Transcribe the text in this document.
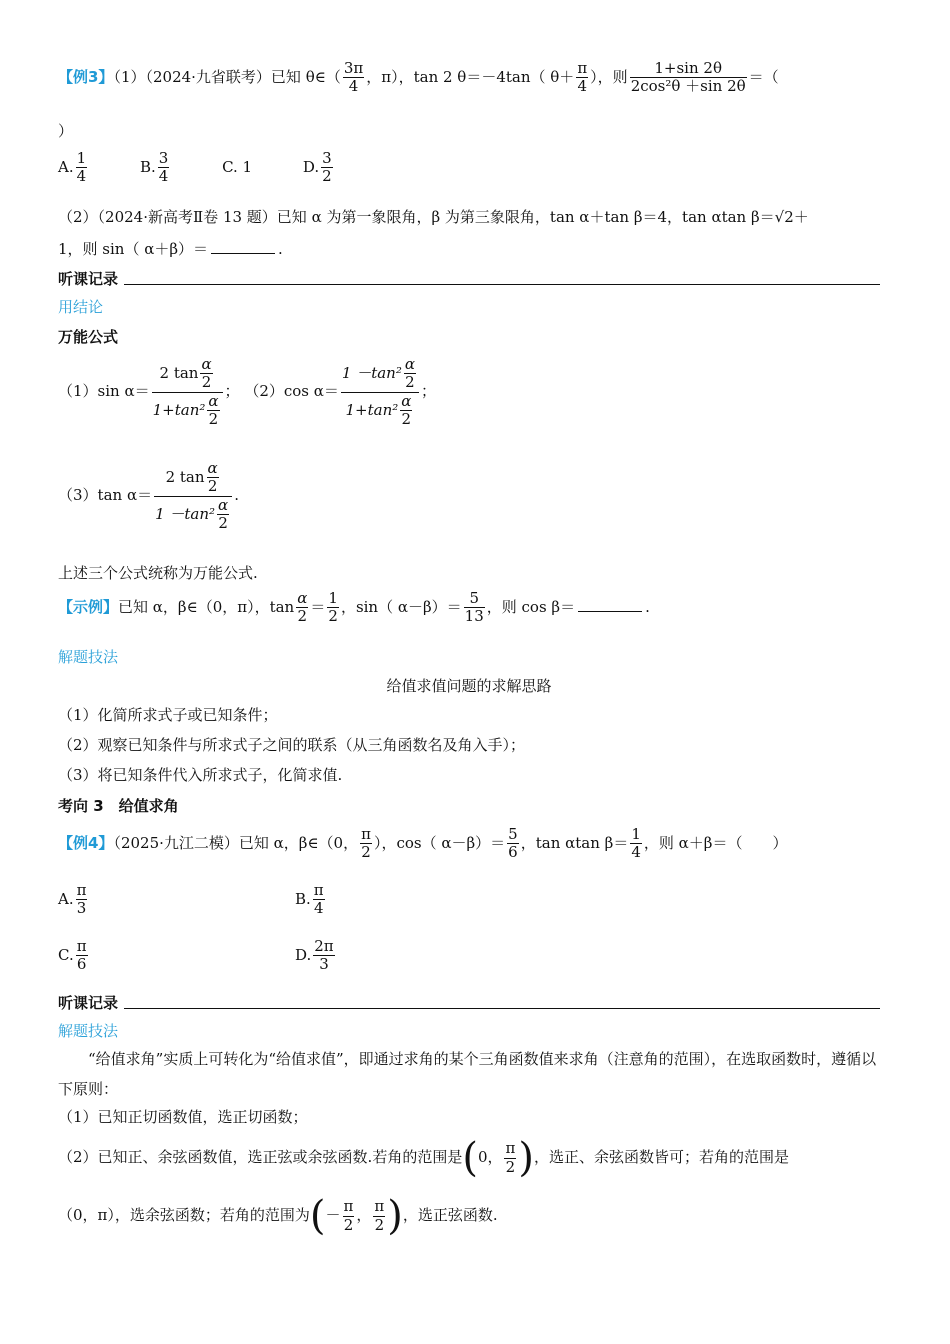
【例3】（1）（2024·九省联考）已知 θ∈（ $\frac{3\pi}{4}$ ，π），tan 2 θ＝－4tan（ $\theta+ \frac{\pi}{4}$ ），则 $\frac{1+\sin 2\theta}{\text{2cos²θ ＋sin 2θ}}$ ＝（
）
A. $\frac{1}{4}$	B. $\frac{3}{4}$	C. 1	D. $\frac{3}{2}$
（2）（2024·新高考Ⅱ卷 13 题）已知 α 为第一象限角，β 为第三象限角，tan α＋tan β＝4，tan αtan β＝√2＋
1，则 sin（ α＋β）＝	.
听课记录
用结论
万能公式
（1）sin $\alpha= \frac{2 \tan \frac{\alpha}{2}}{1+\tan^2 \frac{\alpha}{2}}$ ； （2）cos $\alpha= \frac{1 -\tan^2 \frac{\alpha}{2}}{1+\tan^2 \frac{\alpha}{2}}$ ；
（3）tan $\alpha= \frac{2 \tan \frac{\alpha}{2}}{1 -\tan^2 \frac{\alpha}{2}}$ .
上述三个公式统称为万能公式.
【示例】已知 α，β∈（0，π），$\tan \frac{\alpha}{2} = \frac{1}{2}$ ，sin（ $\alpha-\beta)= \frac{5}{13}$ ，则 cos β＝	.
解题技法
给值求值问题的求解思路
（1）化简所求式子或已知条件；
（2）观察已知条件与所求式子之间的联系（从三角函数名及角入手）；
（3）将已知条件代入所求式子，化简求值.
考向 3　给值求角
【例4】（2025·九江二模）已知 α，β∈（0， $\frac{\pi}{2}$ ），cos（ $\alpha-\beta)= \frac{5}{6}$ ，tan αtan $\beta= \frac{1}{4}$ ，则 α＋β＝（　　）
A. $\frac{\pi}{3}$	B. $\frac{\pi}{4}$
C. $\frac{\pi}{6}$	D. $\frac{2\pi}{3}$
听课记录
解题技法
“给值求角”实质上可转化为“给值求值”，即通过求角的某个三角函数值来求角（注意角的范围），在选取函数时，遵循以下原则：
（1）已知正切函数值，选正切函数；
（2）已知正、余弦函数值，选正弦或余弦函数.若角的范围是(0， $\frac{\pi}{2}$ )，选正、余弦函数皆可；若角的范围是
（0，π），选余弦函数；若角的范围为(－ $\frac{\pi}{2}$ ， $\frac{\pi}{2}$ )，选正弦函数.
